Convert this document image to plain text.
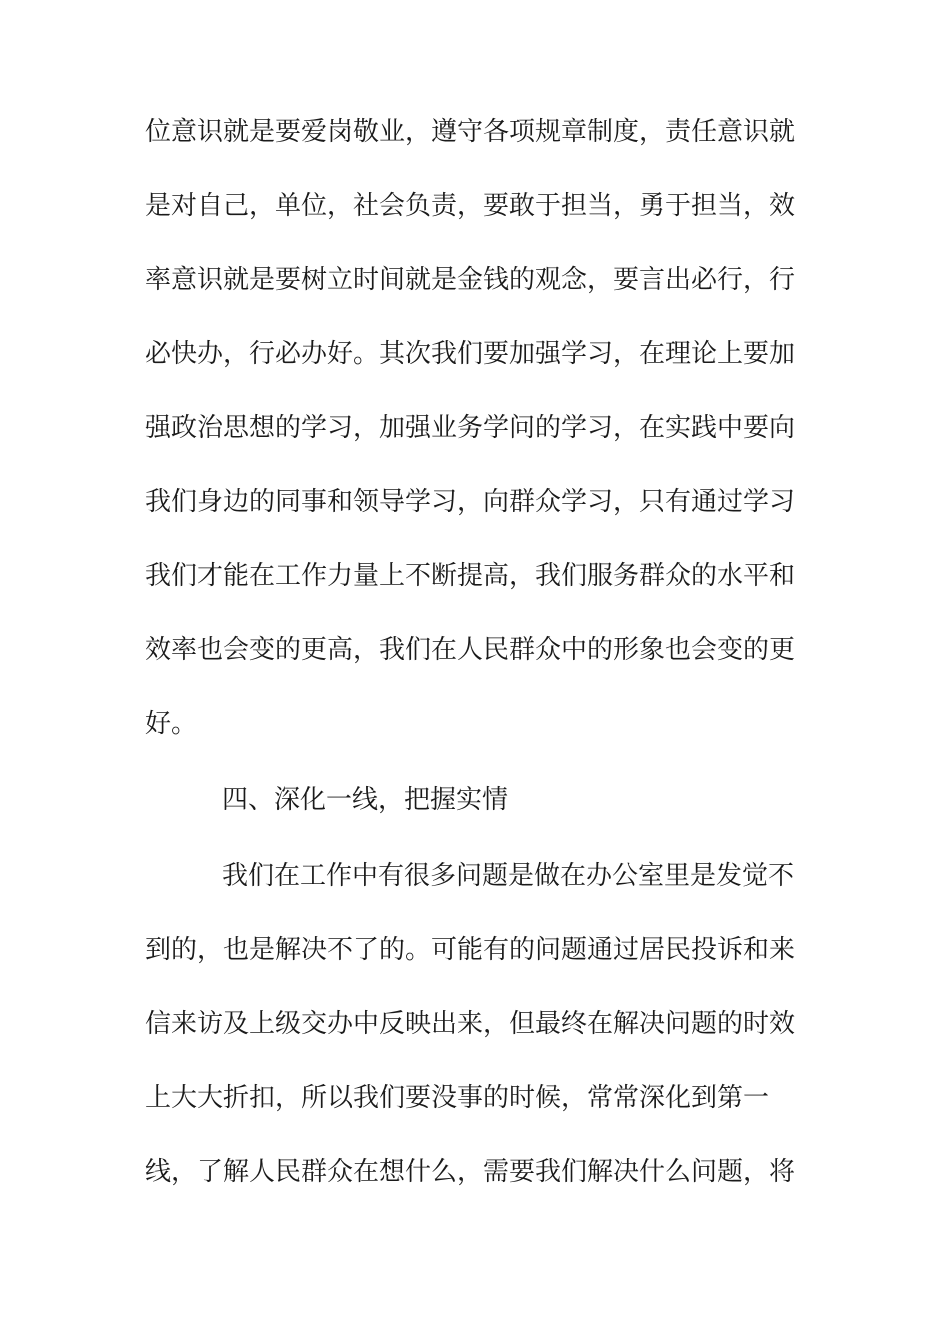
位意识就是要爱岗敬业，遵守各项规章制度，责任意识就
是对自己，单位，社会负责，要敢于担当，勇于担当，效
率意识就是要树立时间就是金钱的观念，要言出必行，行
必快办，行必办好。其次我们要加强学习，在理论上要加
强政治思想的学习，加强业务学问的学习，在实践中要向
我们身边的同事和领导学习，向群众学习，只有通过学习
我们才能在工作力量上不断提高，我们服务群众的水平和
效率也会变的更高，我们在人民群众中的形象也会变的更
好。
四、深化一线，把握实情
我们在工作中有很多问题是做在办公室里是发觉不
到的，也是解决不了的。可能有的问题通过居民投诉和来
信来访及上级交办中反映出来，但最终在解决问题的时效
上大大折扣，所以我们要没事的时候，常常深化到第一
线，了解人民群众在想什么，需要我们解决什么问题，将
